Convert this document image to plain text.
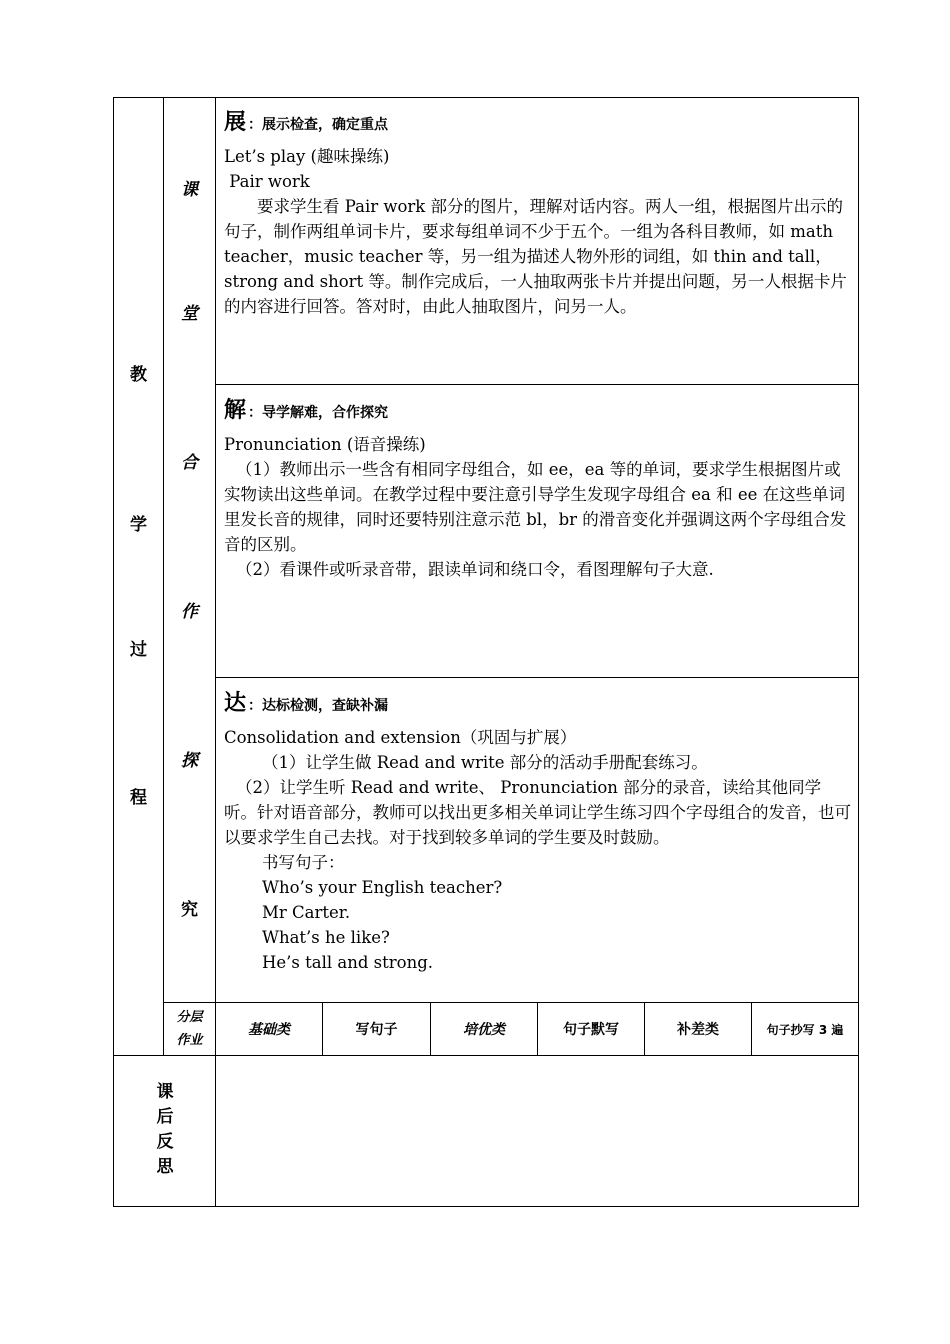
教
学
过
程
课
堂
合
作
探
究
展 ：展示检查，确定重点

Let’s play (趣味操练)

Pair work

要求学生看 Pair work 部分的图片，理解对话内容。两人一组，根据图片出示的句子，制作两组单词卡片，要求每组单词不少于五个。一组为各科目教师，如 math teacher，music teacher 等，另一组为描述人物外形的词组，如 thin and tall， strong and short 等。制作完成后，一人抽取两张卡片并提出问题，另一人根据卡片的内容进行回答。答对时，由此人抽取图片，问另一人。

解 ：导学解难，合作探究

Pronunciation (语音操练)

（1）教师出示一些含有相同字母组合，如 ee，ea 等的单词，要求学生根据图片或实物读出这些单词。在教学过程中要注意引导学生发现字母组合 ea 和 ee 在这些单词里发长音的规律，同时还要特别注意示范 bl，br 的滑音变化并强调这两个字母组合发音的区别。

（2）看课件或听录音带，跟读单词和绕口令，看图理解句子大意.

达 ：达标检测，查缺补漏

Consolidation and extension（巩固与扩展）

（1）让学生做 Read and write 部分的活动手册配套练习。

（2）让学生听 Read and write、 Pronunciation 部分的录音，读给其他同学听。针对语音部分，教师可以找出更多相关单词让学生练习四个字母组合的发音，也可以要求学生自己去找。对于找到较多单词的学生要及时鼓励。

书写句子：

Who’s your English teacher?

Mr Carter.

What’s he like?

He’s tall and strong.

分层
作业
基础类	写句子	培优类	句子默写	补差类	句子抄写 3 遍
课
后
反
思
